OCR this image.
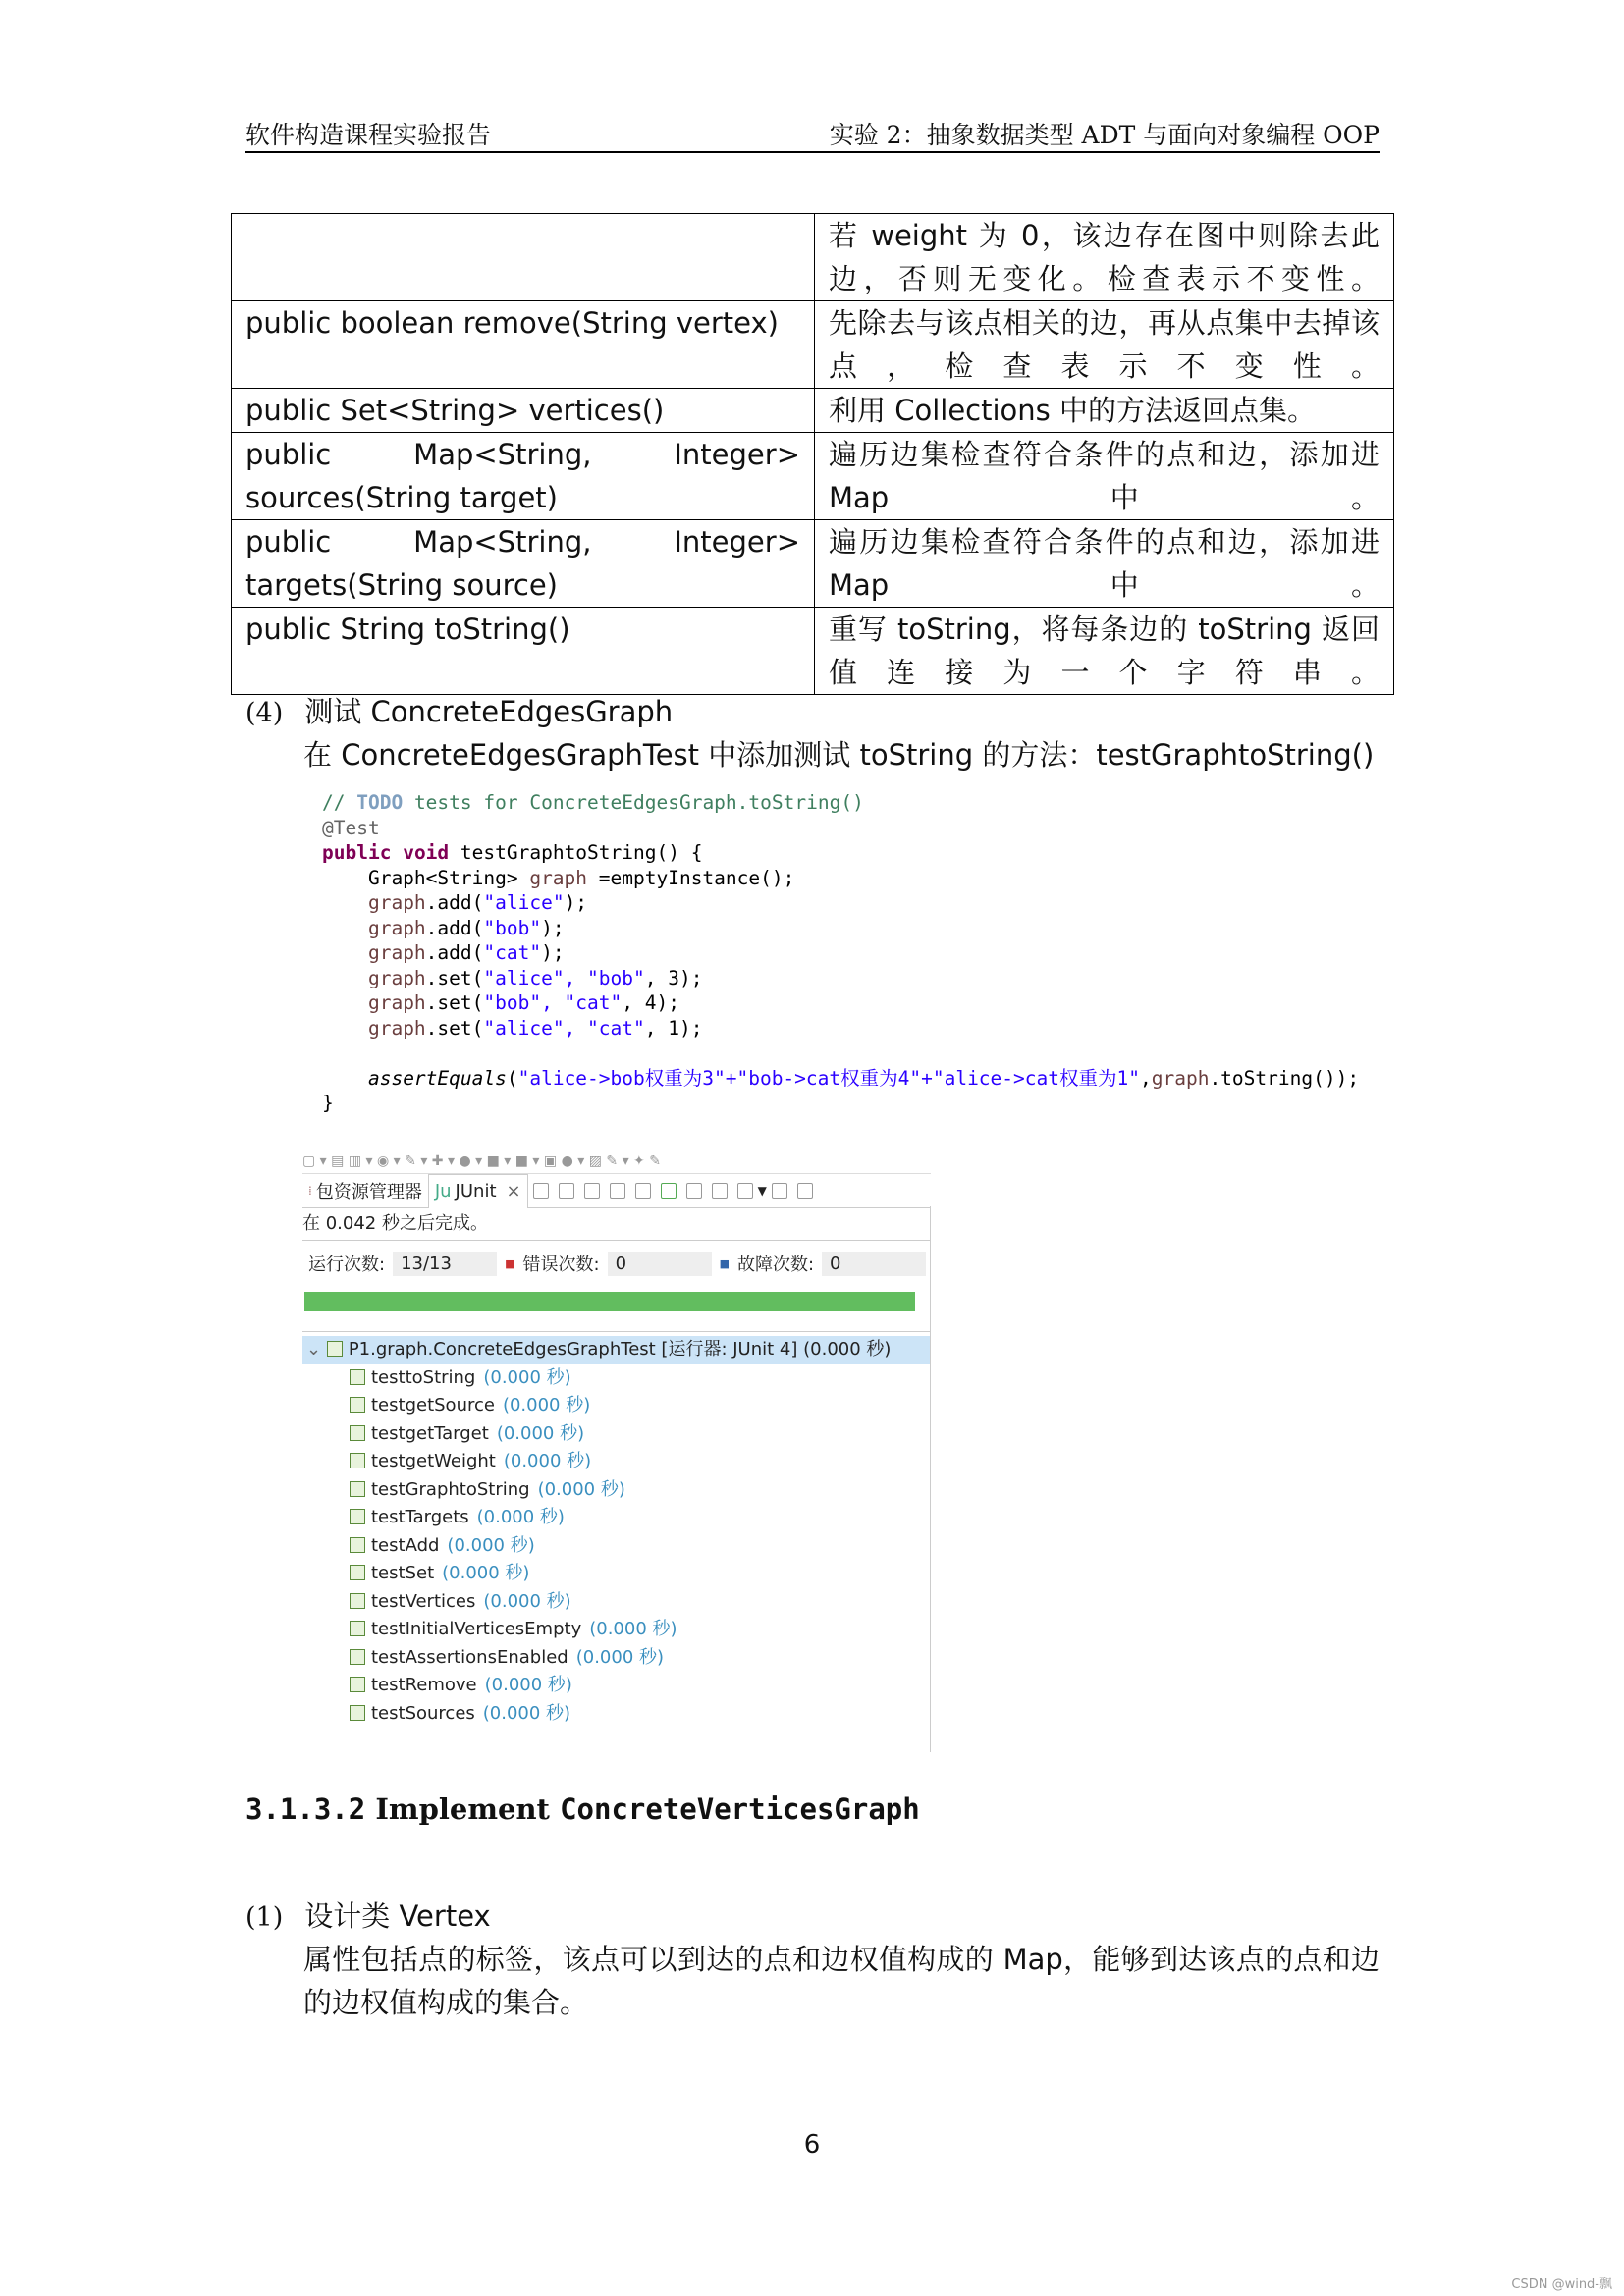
软件构造课程实验报告	实验 2：抽象数据类型 ADT 与面向对象编程 OOP
	若 weight 为 0，该边存在图中则除去此边，否则无变化。检查表示不变性。
public boolean remove(String vertex)	先除去与该点相关的边，再从点集中去掉该点，检查表示不变性。
public Set<String> vertices()	利用 Collections 中的方法返回点集。

public Map<String, Integer>
sources(String target)	遍历边集检查符合条件的点和边，添加进 Map 中。

public Map<String, Integer>
targets(String source)	遍历边集检查符合条件的点和边，添加进 Map 中。
public String toString()	重写 toString，将每条边的 toString 返回值连接为一个字符串。
(4) 测试 ConcreteEdgesGraph
在 ConcreteEdgesGraphTest 中添加测试 toString 的方法：testGraphtoString()
// TODO tests for ConcreteEdgesGraph.toString()
@Test
public void testGraphtoString() {
Graph<String> graph =emptyInstance();
graph.add("alice");
graph.add("bob");
graph.add("cat");
graph.set("alice", "bob", 3);
graph.set("bob", "cat", 4);
graph.set("alice", "cat", 1);

assertEquals("alice->bob权重为3"+"bob->cat权重为4"+"alice->cat权重为1",graph.toString());
}
▢ ▾ ▤ ▥ ▾ ◉ ▾ ✎ ▾ ✚ ▾ ● ▾ ■ ▾ ■ ▾ ▣ ● ▾ ▨ ✎ ▾ ✦ ✎
⁞ 包资源管理器 Ju JUnit ×	▼
在 0.042 秒之后完成。
运行次数: 13/13	■ 错误次数: 0	■ 故障次数: 0
⌄ P1.graph.ConcreteEdgesGraphTest [运行器: JUnit 4] (0.000 秒)
testtoString (0.000 秒)
testgetSource (0.000 秒)
testgetTarget (0.000 秒)
testgetWeight (0.000 秒)
testGraphtoString (0.000 秒)
testTargets (0.000 秒)
testAdd (0.000 秒)
testSet (0.000 秒)
testVertices (0.000 秒)
testInitialVerticesEmpty (0.000 秒)
testAssertionsEnabled (0.000 秒)
testRemove (0.000 秒)
testSources (0.000 秒)
3.1.3.2 Implement ConcreteVerticesGraph
(1) 设计类 Vertex
属性包括点的标签，该点可以到达的点和边权值构成的 Map，能够到达该点的点和边的边权值构成的集合。
6
CSDN @wind-飘
